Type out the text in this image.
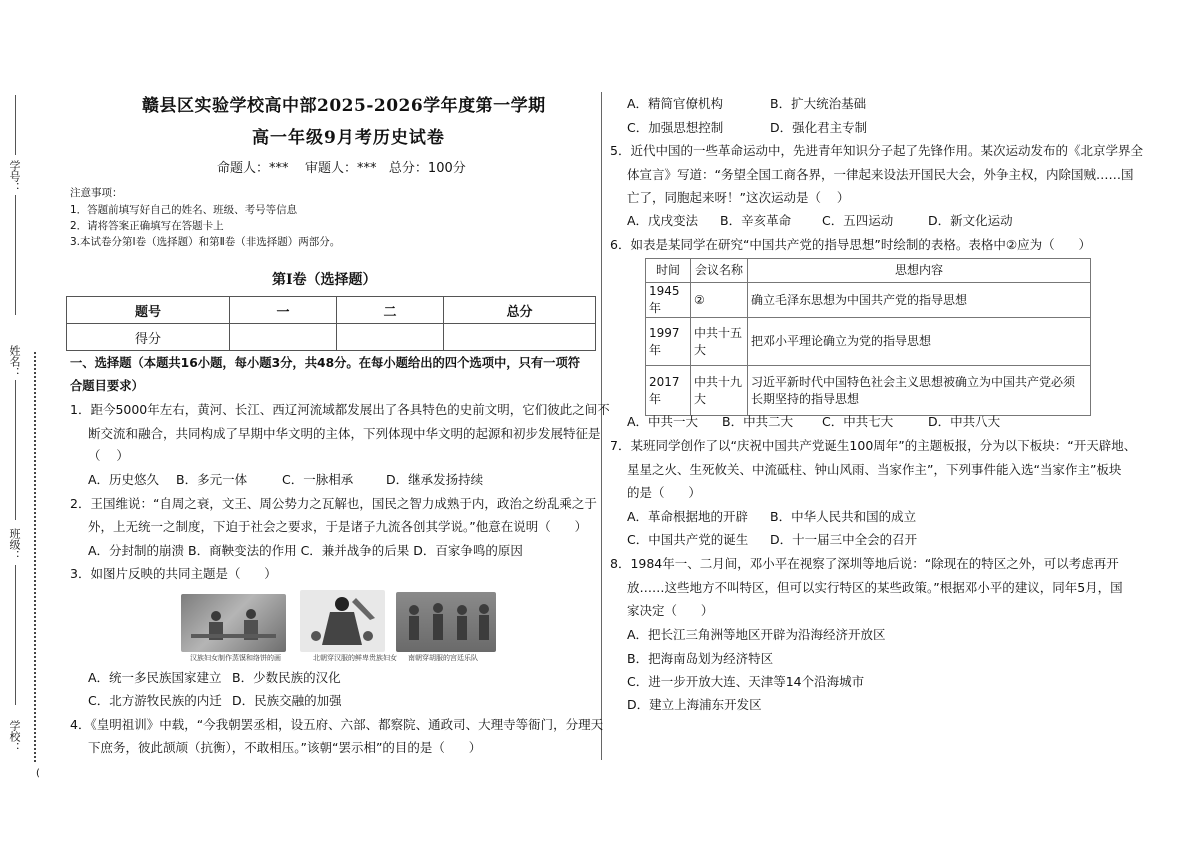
学号：
姓名：
班级：
学校：
(
赣县区实验学校高中部2025-2026学年度第一学期
高一年级9月考历史试卷
命题人：***    审题人：***   总分：100分
注意事项：
1．答题前填写好自己的姓名、班级、考号等信息
2．请将答案正确填写在答题卡上
3.本试卷分第Ⅰ卷（选择题）和第Ⅱ卷（非选择题）两部分。
第Ⅰ卷（选择题）
题号	一	二	总分
得分			
一、选择题（本题共16小题，每小题3分，共48分。在每小题给出的四个选项中，只有一项符
合题目要求）
1．距今5000年左右，黄河、长江、西辽河流域都发展出了各具特色的史前文明，它们彼此之间不
断交流和融合，共同构成了早期中华文明的主体，下列体现中华文明的起源和初步发展特征是
（    ）
A．历史悠久 B．多元一体	C．一脉相承	D．继承发扬持续
2．王国维说：“自周之衰，文王、周公势力之瓦解也，国民之智力成熟于内，政治之纷乱乘之于
外，上无统一之制度，下迫于社会之要求，于是诸子九流各创其学说。”他意在说明（      ）
A．分封制的崩溃 B．商鞅变法的作用 C．兼并战争的后果 D．百家争鸣的原因
3．如图片反映的共同主题是（      ）
汉族妇女制作蒸馍和络饼的画	北朝穿汉服的鲜卑贵族妇女 南朝穿胡服的宫廷乐队
A．统一多民族国家建立 B．少数民族的汉化
C．北方游牧民族的内迁 D．民族交融的加强
4．《皇明祖训》中载，“今我朝罢丞相，设五府、六部、都察院、通政司、大理寺等衙门，分理天
下庶务，彼此颉颃（抗衡），不敢相压。”该朝“罢示相”的目的是（      ）
A．精简官僚机构	B．扩大统治基础
C．加强思想控制	D．强化君主专制
5．近代中国的一些革命运动中，先进青年知识分子起了先锋作用。某次运动发布的《北京学界全
体宣言》写道：“务望全国工商各界，一律起来设法开国民大会，外争主权，内除国贼……国
亡了，同胞起来呀！”这次运动是（    ）
A．戊戌变法 B．辛亥革命 C．五四运动	D．新文化运动
6．如表是某同学在研究“中国共产党的指导思想”时绘制的表格。表格中②应为（      ）
时间	会议名称	思想内容
1945年	②	确立毛泽东思想为中国共产党的指导思想
1997年	中共十五大	把邓小平理论确立为党的指导思想
2017年	中共十九大	习近平新时代中国特色社会主义思想被确立为中国共产党必须
长期坚持的指导思想
A．中共一大 B．中共二大 C．中共七大	D．中共八大
7．某班同学创作了以“庆祝中国共产党诞生100周年”的主题板报，分为以下板块：“开天辟地、
星星之火、生死攸关、中流砥柱、钟山风雨、当家作主”，下列事件能入选“当家作主”板块
的是（      ）
A．革命根据地的开辟 B．中华人民共和国的成立
C．中国共产党的诞生 D．十一届三中全会的召开
8．1984年一、二月间，邓小平在视察了深圳等地后说：“除现在的特区之外，可以考虑再开
放……这些地方不叫特区，但可以实行特区的某些政策。”根据邓小平的建议，同年5月，国
家决定（      ）
A．把长江三角洲等地区开辟为沿海经济开放区
B．把海南岛划为经济特区
C．进一步开放大连、天津等14个沿海城市
D．建立上海浦东开发区
